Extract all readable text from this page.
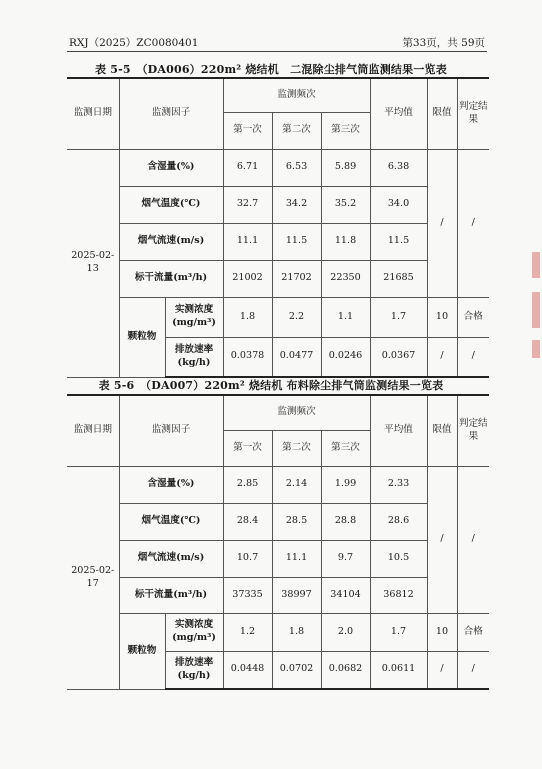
RXJ（2025）ZC0080401	第33页，共 59页
表 5-5　（DA006）220m² 烧结机　二混除尘排气筒监测结果一览表
监测日期	监测因子		监测频次			平均值	限值	判定结果
			第一次	第二次	第三次			
2025-02-13	含湿量(%)		6.71	6.53	5.89	6.38	/	/
	烟气温度(℃)		32.7	34.2	35.2	34.0		
	烟气流速(m/s)		11.1	11.5	11.8	11.5		
	标干流量(m³/h)		21002	21702	22350	21685		
	颗粒物	实测浓度(mg/m³)	1.8	2.2	1.1	1.7	10	合格
		排放速率(kg/h)	0.0378	0.0477	0.0246	0.0367	/	/
表 5-6　（DA007）220m² 烧结机 布料除尘排气筒监测结果一览表
监测日期	监测因子		监测频次			平均值	限值	判定结果
			第一次	第二次	第三次			
2025-02-17	含湿量(%)		2.85	2.14	1.99	2.33	/	/
	烟气温度(℃)		28.4	28.5	28.8	28.6		
	烟气流速(m/s)		10.7	11.1	9.7	10.5		
	标干流量(m³/h)		37335	38997	34104	36812		
	颗粒物	实测浓度(mg/m³)	1.2	1.8	2.0	1.7	10	合格
		排放速率(kg/h)	0.0448	0.0702	0.0682	0.0611	/	/
